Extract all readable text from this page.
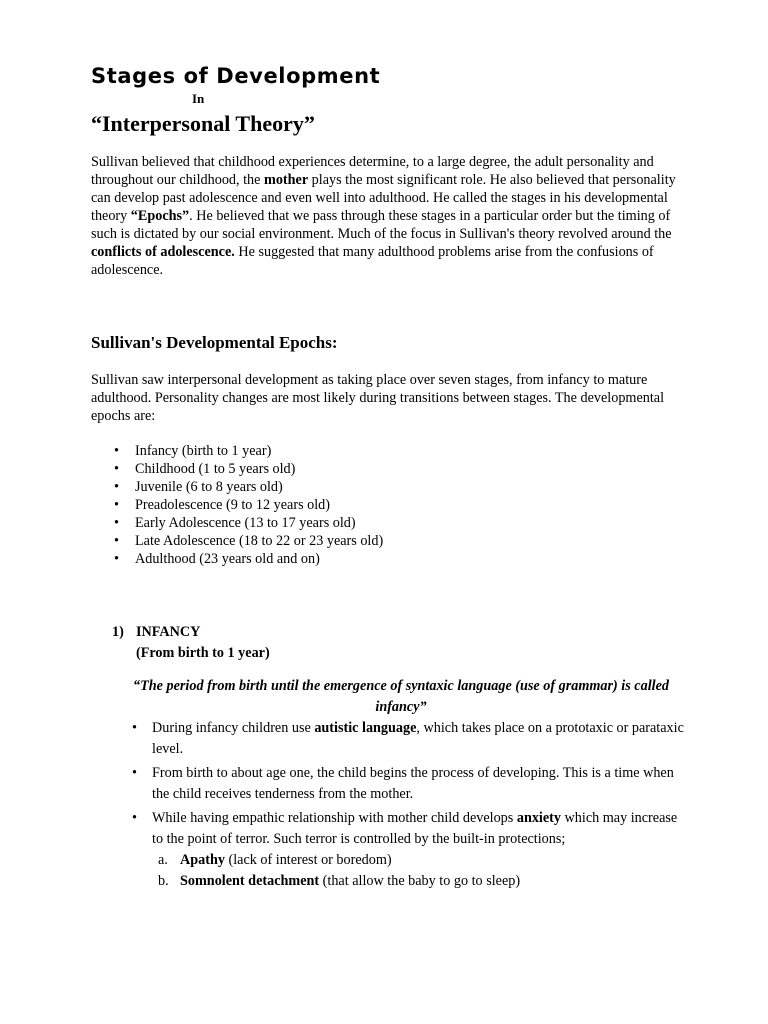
Stages of Development
In
“Interpersonal Theory”

Sullivan believed that childhood experiences determine, to a large degree, the adult personality and throughout our childhood, the mother plays the most significant role. He also believed that personality can develop past adolescence and even well into adulthood. He called the stages in his developmental theory “Epochs”. He believed that we pass through these stages in a particular order but the timing of such is dictated by our social environment. Much of the focus in Sullivan's theory revolved around the conflicts of adolescence. He suggested that many adulthood problems arise from the confusions of adolescence.

Sullivan's Developmental Epochs:

Sullivan saw interpersonal development as taking place over seven stages, from infancy to mature adulthood. Personality changes are most likely during transitions between stages. The developmental epochs are:

• Infancy (birth to 1 year)
• Childhood (1 to 5 years old)
• Juvenile (6 to 8 years old)
• Preadolescence (9 to 12 years old)
• Early Adolescence (13 to 17 years old)
• Late Adolescence (18 to 22 or 23 years old)
• Adulthood (23 years old and on)
1) INFANCY
(From birth to 1 year)

“The period from birth until the emergence of syntaxic language (use of grammar) is called infancy”

• During infancy children use autistic language, which takes place on a prototaxic or parataxic level.
• From birth to about age one, the child begins the process of developing. This is a time when the child receives tenderness from the mother.
• While having empathic relationship with mother child develops anxiety which may increase to the point of terror. Such terror is controlled by the built-in protections;
a. Apathy (lack of interest or boredom)
b. Somnolent detachment (that allow the baby to go to sleep)
